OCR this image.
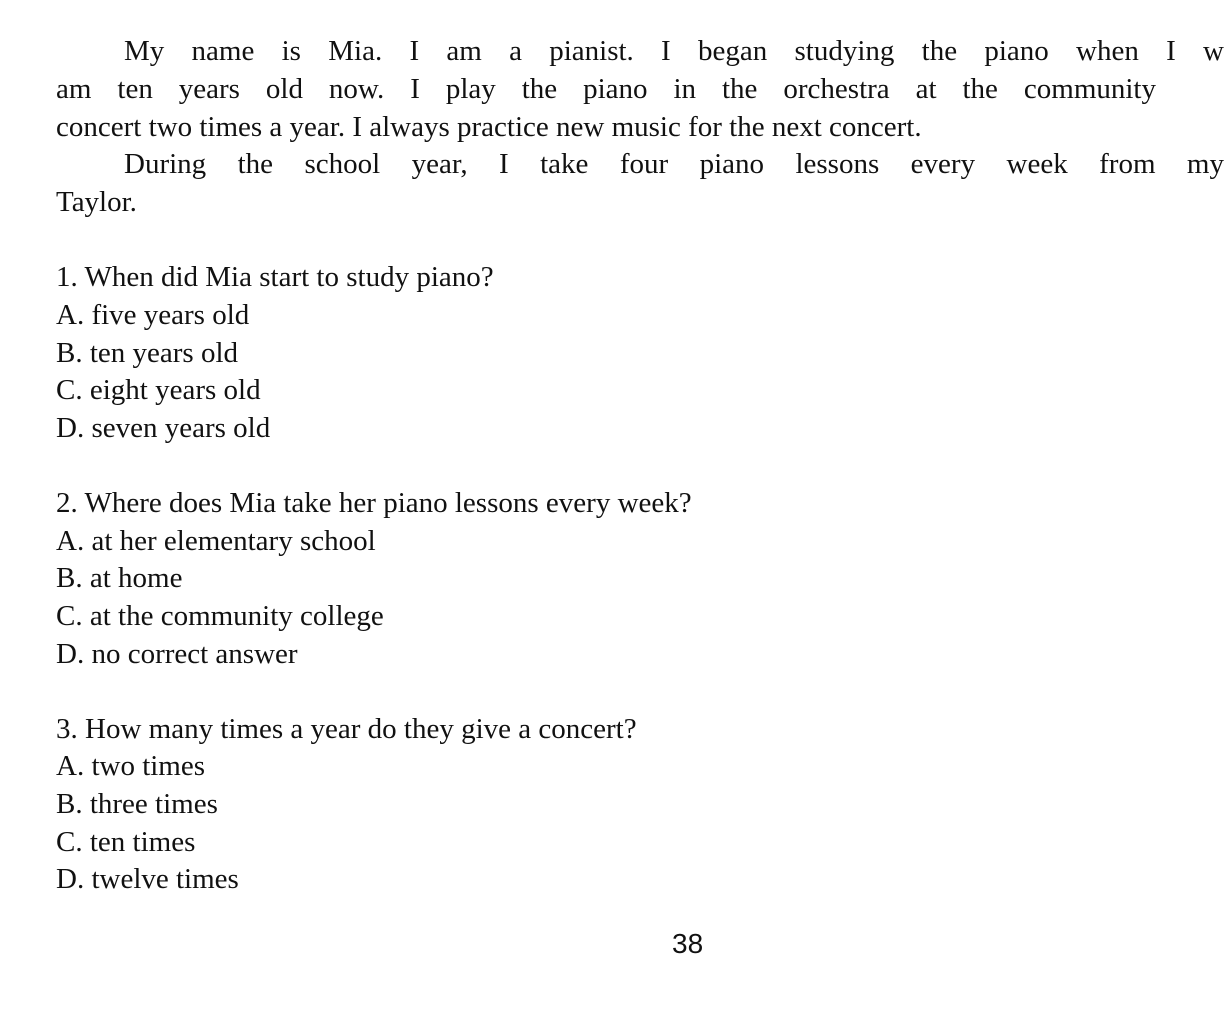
My name is Mia. I am a pianist. I began studying the piano when I w
am ten years old now. I play the piano in the orchestra at the community
concert two times a year. I always practice new music for the next concert.
During the school year, I take four piano lessons every week from my
Taylor.
1. When did Mia start to study piano?
A. five years old
B. ten years old
C. eight years old
D. seven years old
2. Where does Mia take her piano lessons every week?
A. at her elementary school
B. at home
C. at the community college
D. no correct answer
3. How many times a year do they give a concert?
A. two times
B. three times
C. ten times
D. twelve times
38
